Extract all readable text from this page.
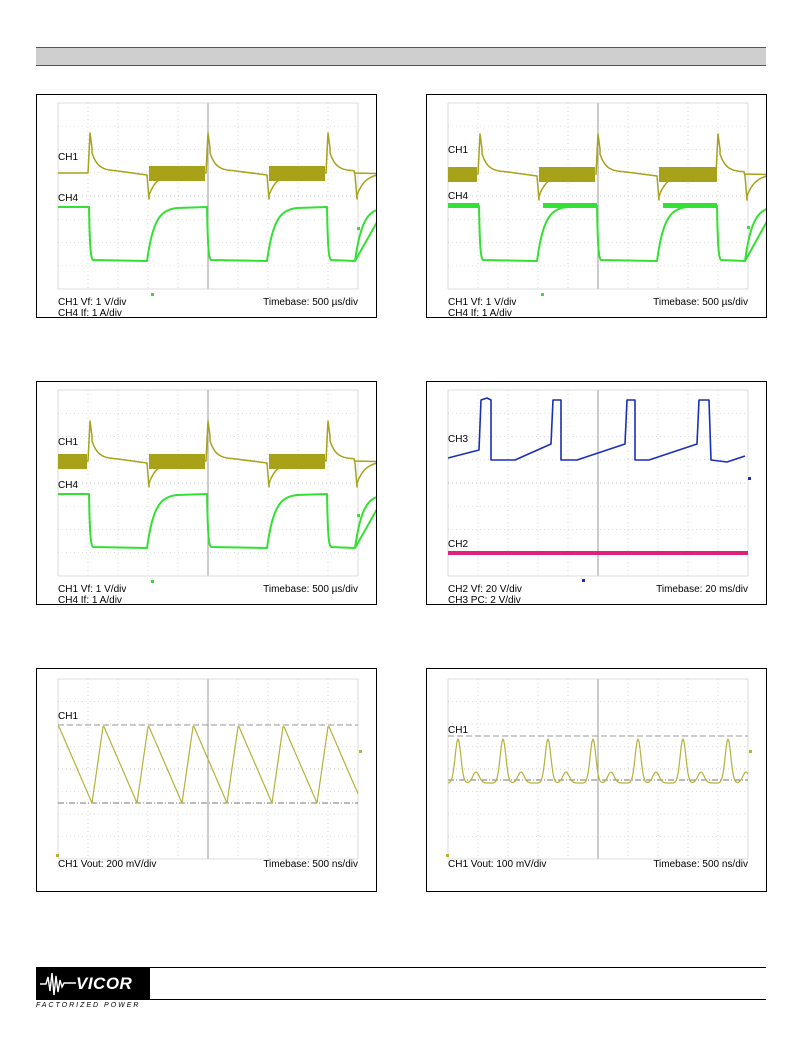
CH1
CH4
CH1 Vf: 1 V/div
CH4 If: 1 A/div
Timebase: 500 µs/div
CH1
CH4
CH1 Vf: 1 V/div
CH4 If: 1 A/div
Timebase: 500 µs/div
CH1
CH4
CH1 Vf: 1 V/div
CH4 If: 1 A/div
Timebase: 500 µs/div
CH3
CH2
CH2 Vf: 20 V/div
CH3 PC: 2 V/div
Timebase: 20 ms/div
CH1
CH1 Vout: 200 mV/div	Timebase: 500 ns/div
CH1
CH1 Vout: 100 mV/div	Timebase: 500 ns/div
VICOR
FACTORIZED POWER
